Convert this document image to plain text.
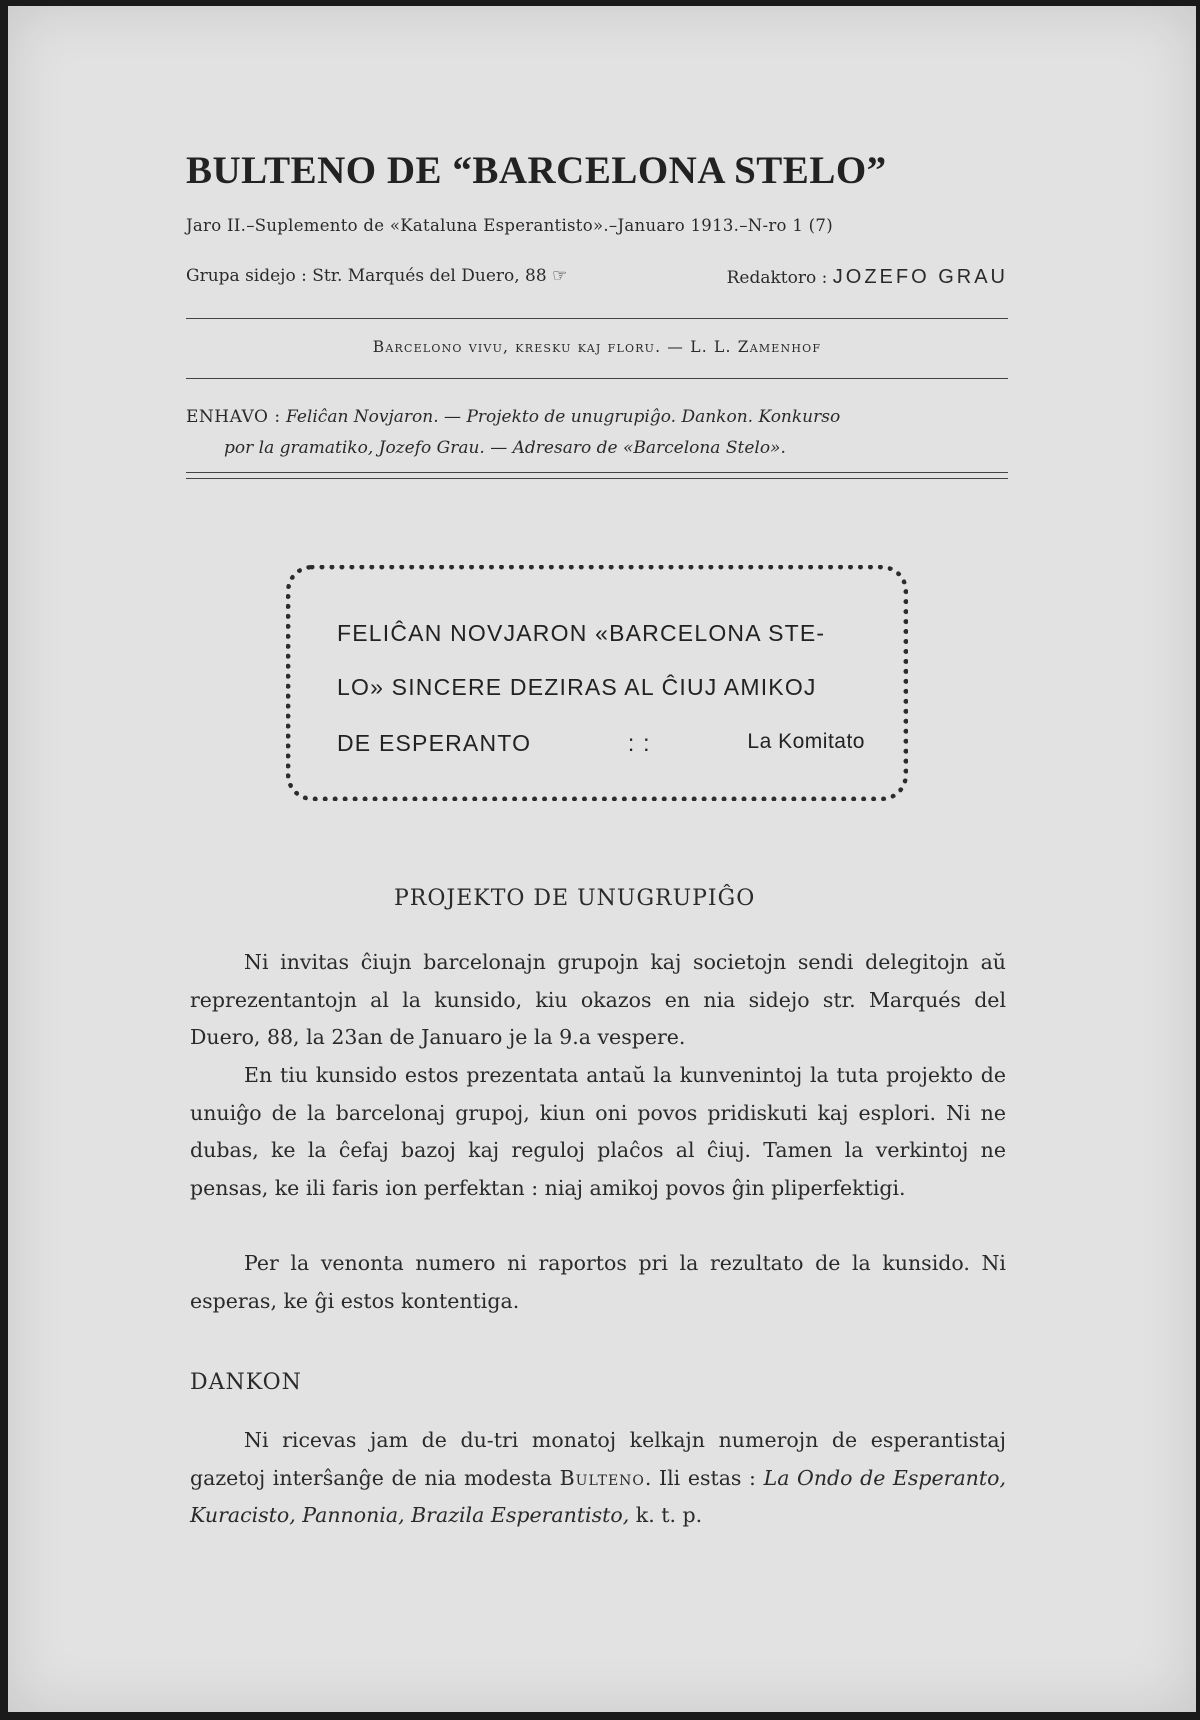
BULTENO DE “BARCELONA STELO”
Jaro II.–Suplemento de «Kataluna Esperantisto».–Januaro 1913.–N-ro 1 (7)
Grupa sidejo : Str. Marqués del Duero, 88 ☞	Redaktoro : JOZEFO GRAU
Barcelono vivu, kresku kaj floru. — L. L. Zamenhof
ENHAVO : Feliĉan Novjaron. — Projekto de unugrupiĝo. Dankon. Konkurso
por la gramatiko, Jozefo Grau. — Adresaro de «Barcelona Stelo».
FELIĈAN NOVJARON «BARCELONA STE-
LO» SINCERE DEZIRAS AL ĈIUJ AMIKOJ
DE ESPERANTO	: :	La Komitato
PROJEKTO DE UNUGRUPIĜO

Ni invitas ĉiujn barcelonajn grupojn kaj societojn sendi delegitojn aŭ reprezentantojn al la kunsido, kiu okazos en nia sidejo str. Marqués del Duero, 88, la 23an de Januaro je la 9.a vespere.

En tiu kunsido estos prezentata antaŭ la kunvenintoj la tuta projekto de unuiĝo de la barcelonaj grupoj, kiun oni povos pridiskuti kaj esplori. Ni ne dubas, ke la ĉefaj bazoj kaj reguloj plaĉos al ĉiuj. Tamen la verkintoj ne pensas, ke ili faris ion perfektan : niaj amikoj povos ĝin pliperfektigi.

Per la venonta numero ni raportos pri la rezultato de la kunsido. Ni esperas, ke ĝi estos kontentiga.

DANKON

Ni ricevas jam de du-tri monatoj kelkajn numerojn de esperantistaj gazetoj interŝanĝe de nia modesta Bulteno. Ili estas : La Ondo de Esperanto, Kuracisto, Pannonia, Brazila Esperantisto, k. t. p.
